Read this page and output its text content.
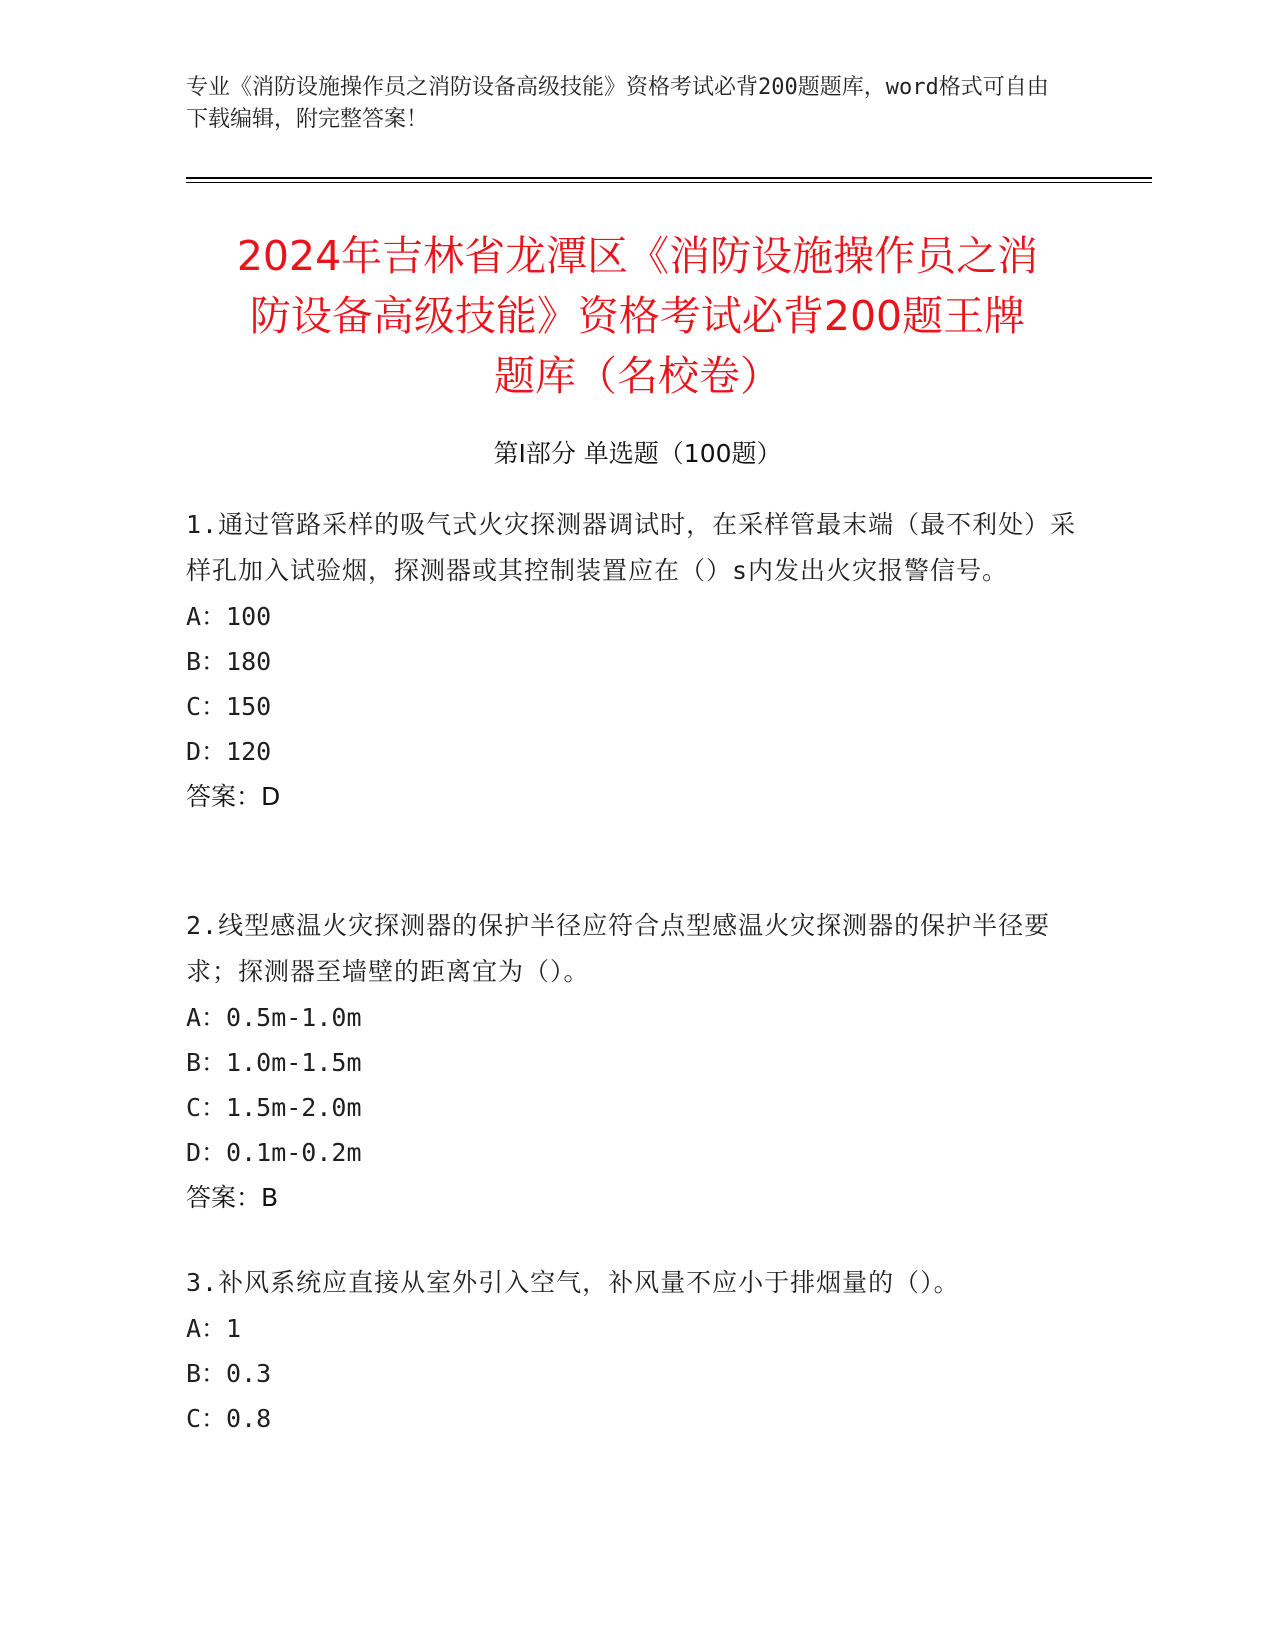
专业《消防设施操作员之消防设备高级技能》资格考试必背200题题库，word格式可自由下载编辑，附完整答案！
2024年吉林省龙潭区《消防设施操作员之消
防设备高级技能》资格考试必背200题王牌
题库（名校卷）
第Ⅰ部分 单选题（100题）
1.通过管路采样的吸气式火灾探测器调试时，在采样管最末端（最不利处）采样孔加入试验烟，探测器或其控制装置应在（）s内发出火灾报警信号。
A：100
B：180
C：150
D：120
答案：D
2.线型感温火灾探测器的保护半径应符合点型感温火灾探测器的保护半径要求；探测器至墙壁的距离宜为（）。
A：0.5m-1.0m
B：1.0m-1.5m
C：1.5m-2.0m
D：0.1m-0.2m
答案：B
3.补风系统应直接从室外引入空气，补风量不应小于排烟量的（）。
A：1
B：0.3
C：0.8
